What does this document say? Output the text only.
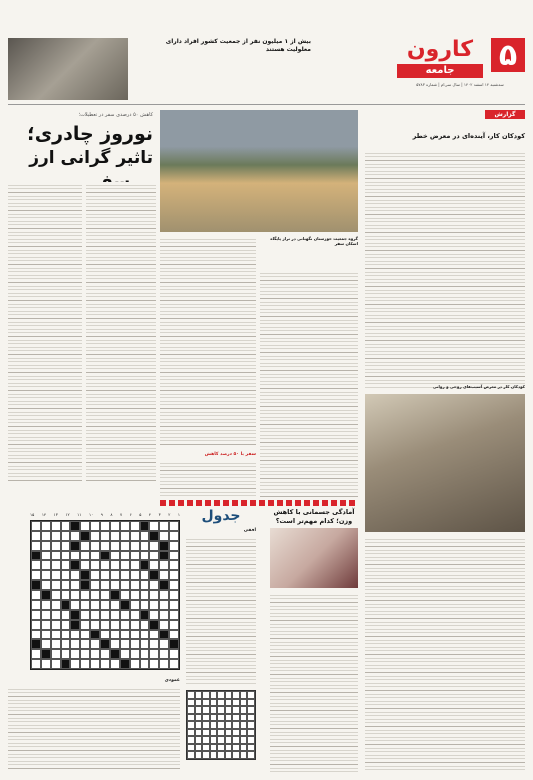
۵
کارون
جامعه
سه‌شنبه ۱۴ اسفند ۱۴۰۲ | سال سی‌ام | شماره ۵۷۸۳
بیش از ۱ میلیون نفر از جمعیت کشور افراد دارای معلولیت هستند
گزارش
کودکان کار، آینده‌ای در معرض خطر
کودکان کار در معرض آسیب‌های روحی و روانی
کاهش ۵۰ درصدی سفر در تعطیلات؛
نوروز چادری؛
تاثیر گرانی ارز
گروه جمعیت خوزستان نگهبانی در تراز پایگاه اسکان سفر
سفر با ۵۰ درصد کاهش
آمادگی جسمانی با کاهش وزن؛ کدام مهم‌تر است؟
جدول
افقی
۱
۲
۳
۴
۵
۶
۷
۸
۹
۱۰
۱۱
۱۲
۱۳
۱۴
۱۵
عمودی
